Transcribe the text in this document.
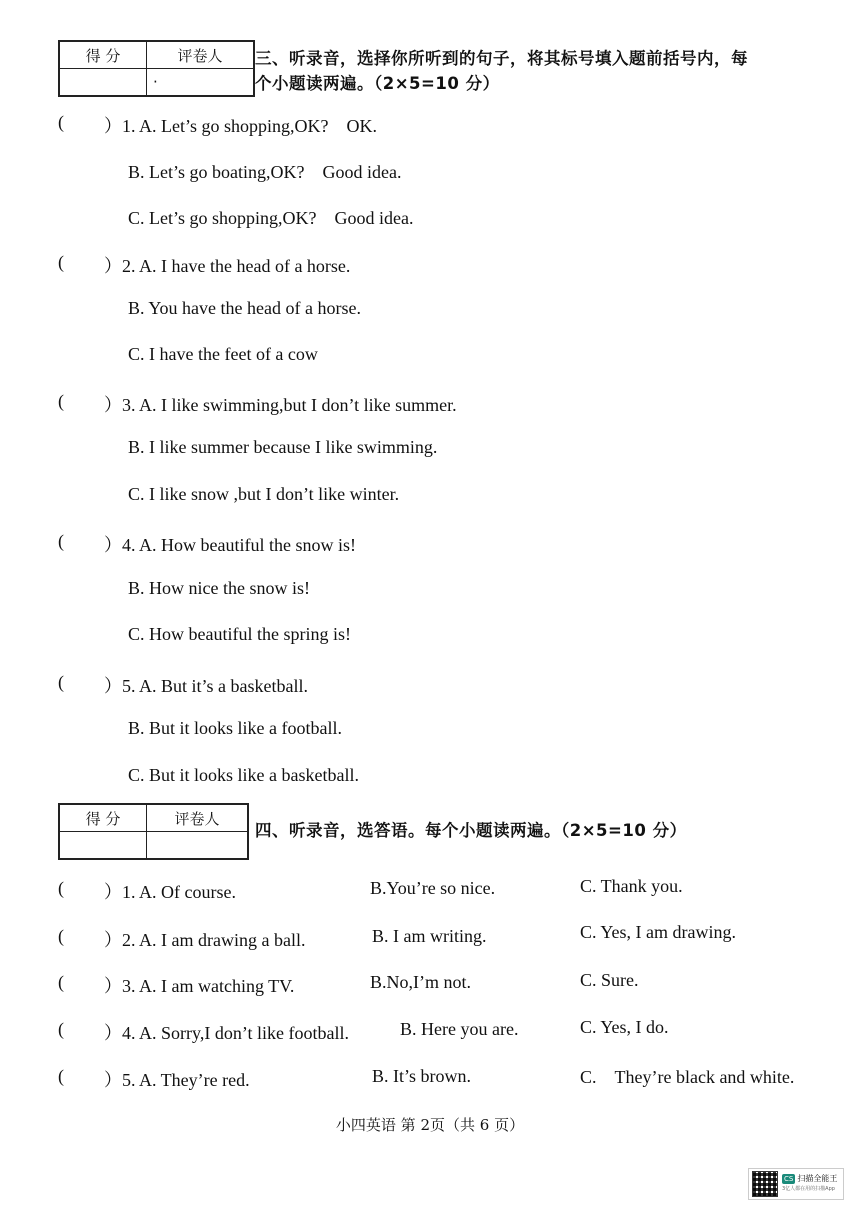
得 分	评卷人
	·
三、听录音，选择你所听到的句子，将其标号填入题前括号内，每
个小题读两遍。（2×5=10 分）
( ）1. A. Let’s go shopping,OK?　OK.
B. Let’s go boating,OK?　Good idea.
C. Let’s go shopping,OK?　Good idea.
( ）2. A. I have the head of a horse.
B. You have the head of a horse.
C. I have the feet of a cow
( ）3. A. I like swimming,but I don’t like summer.
B. I like summer because I like swimming.
C. I like snow ,but I don’t like winter.
( ）4. A. How beautiful the snow is!
B. How nice the snow is!
C. How beautiful the spring is!
( ）5. A. But it’s a basketball.
B. But it looks like a football.
C. But it looks like a basketball.
得 分	评卷人

四、听录音，选答语。每个小题读两遍。（2×5=10 分）
( ）1. A. Of course.	B.You’re so nice.	C. Thank you.
( ）2. A. I am drawing a ball.	B. I am writing.	C. Yes, I am drawing.
( ）3. A. I am watching TV.	B.No,I’m not.	C. Sure.
( ）4. A. Sorry,I don’t like football.	B. Here you are.	C. Yes, I do.
( ）5. A. They’re red.	B. It’s brown.	C.　They’re black and white.
小四英语 第 2页（共 6 页）
CS 扫描全能王
3亿人都在用的扫描App
